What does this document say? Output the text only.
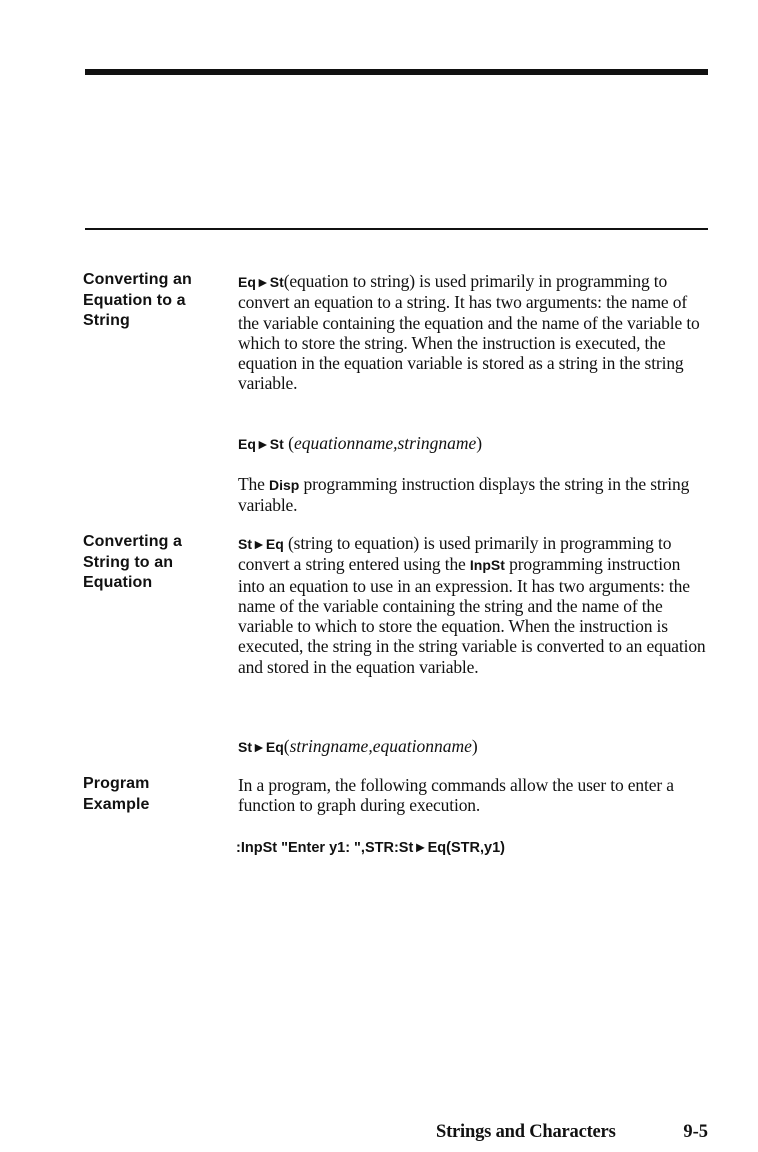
Converting an Equation to a String
Eq►St(equation to string) is used primarily in programming to convert an equation to a string. It has two arguments: the name of the variable containing the equation and the name of the variable to which to store the string. When the instruction is executed, the equation in the equation variable is stored as a string in the string variable.
Eq►St (equationname,stringname)
The Disp programming instruction displays the string in the string variable.
Converting a String to an Equation
St►Eq (string to equation) is used primarily in programming to convert a string entered using the InpSt programming instruction into an equation to use in an expression. It has two arguments: the name of the variable containing the string and the name of the variable to which to store the equation. When the instruction is executed, the string in the string variable is converted to an equation and stored in the equation variable.
St►Eq(stringname,equationname)
Program Example
In a program, the following commands allow the user to enter a function to graph during execution.
:InpSt "Enter y1: ",STR:St►Eq(STR,y1)
Strings and Characters	9-5
